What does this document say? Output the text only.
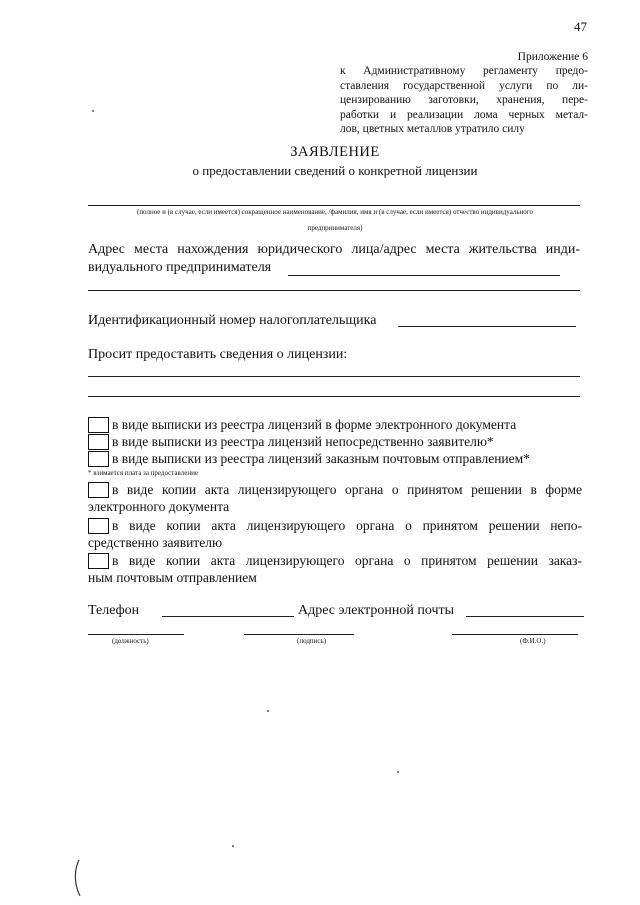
47
Приложение 6
к Административному регламенту предо-
ставления государственной услуги по ли-
цензированию заготовки, хранения, пере-
работки и реализации лома черных метал-
лов, цветных металлов утратило силу
ЗАЯВЛЕНИЕ
о предоставлении сведений о конкретной лицензии
(полное и (в случае, если имеется) сокращенное наименование, /фамилия, имя и (в случае, если имеется) отчество индивидуального
предпринимателя)
Адрес места нахождения юридического лица/адрес места жительства инди-
видуального предпринимателя
Идентификационный номер налогоплательщика
Просит предоставить сведения о лицензии:
в виде выписки из реестра лицензий в форме электронного документа
в виде выписки из реестра лицензий непосредственно заявителю*
в виде выписки из реестра лицензий заказным почтовым отправлением*
* взимается плата за предоставление
в виде копии акта лицензирующего органа о принятом решении в форме
электронного документа
в виде копии акта лицензирующего органа о принятом решении непо-
средственно заявителю
в виде копии акта лицензирующего органа о принятом решении заказ-
ным почтовым отправлением
Телефон	Адрес электронной почты
(должность)	(подпись)	(Ф.И.О.)
